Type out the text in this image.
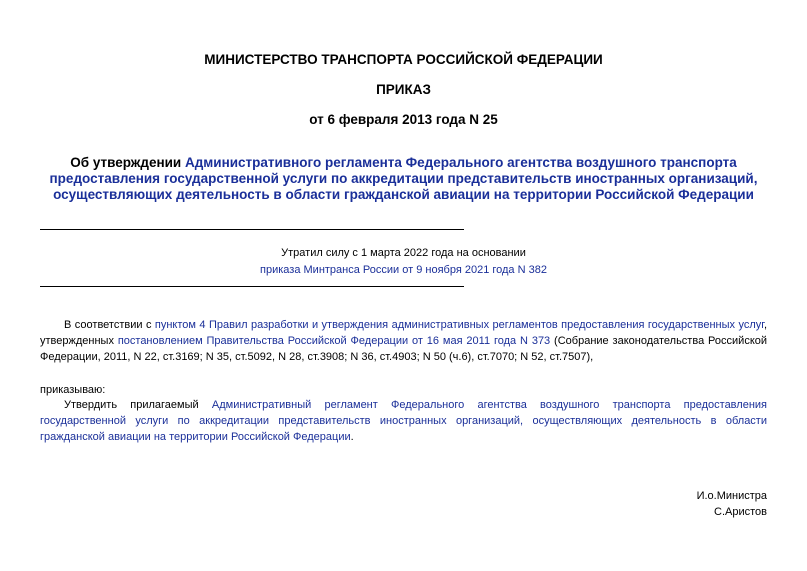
МИНИСТЕРСТВО ТРАНСПОРТА РОССИЙСКОЙ ФЕДЕРАЦИИ
ПРИКАЗ
от 6 февраля 2013 года N 25
Об утверждении Административного регламента Федерального агентства воздушного транспорта предоставления государственной услуги по аккредитации представительств иностранных организаций, осуществляющих деятельность в области гражданской авиации на территории Российской Федерации
Утратил силу с 1 марта 2022 года на основании
приказа Минтранса России от 9 ноября 2021 года N 382
В соответствии с пунктом 4 Правил разработки и утверждения административных регламентов предоставления государственных услуг, утвержденных постановлением Правительства Российской Федерации от 16 мая 2011 года N 373 (Собрание законодательства Российской Федерации, 2011, N 22, ст.3169; N 35, ст.5092, N 28, ст.3908; N 36, ст.4903; N 50 (ч.6), ст.7070; N 52, ст.7507),
приказываю:
Утвердить прилагаемый Административный регламент Федерального агентства воздушного транспорта предоставления государственной услуги по аккредитации представительств иностранных организаций, осуществляющих деятельность в области гражданской авиации на территории Российской Федерации.
И.о.Министра
С.Аристов
